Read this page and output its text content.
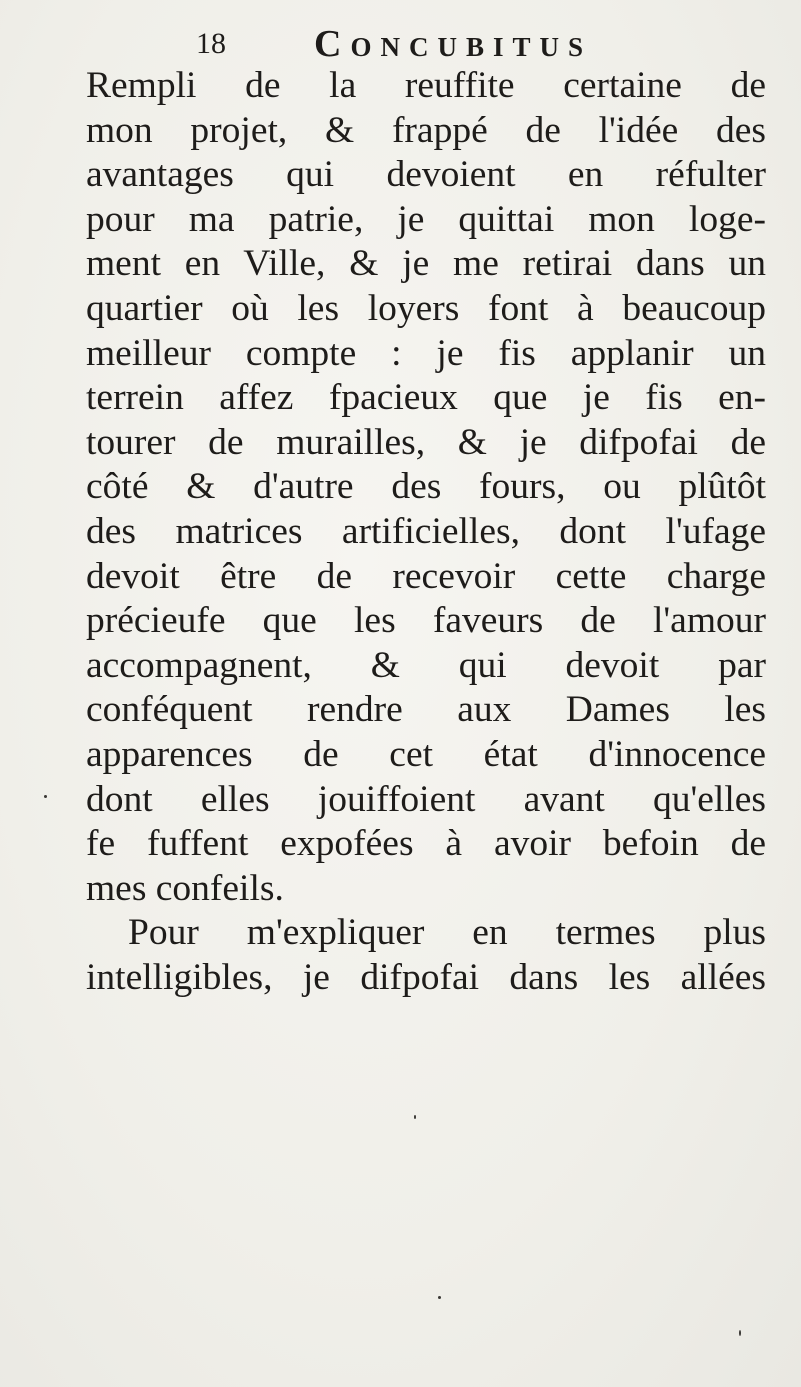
18 Concubitus
Rempli de la reuffite certaine de
mon projet, & frappé de l'idée des
avantages qui devoient en réfulter
pour ma patrie, je quittai mon loge-
ment en Ville, & je me retirai dans un
quartier où les loyers font à beaucoup
meilleur compte : je fis applanir un
terrein affez fpacieux que je fis en-
tourer de murailles, & je difpofai de
côté & d'autre des fours, ou plûtôt
des matrices artificielles, dont l'ufage
devoit être de recevoir cette charge
précieufe que les faveurs de l'amour
accompagnent, & qui devoit par
conféquent rendre aux Dames les
apparences de cet état d'innocence
dont elles jouiffoient avant qu'elles
fe fuffent expofées à avoir befoin de
mes confeils.
Pour m'expliquer en termes plus
intelligibles, je difpofai dans les allées
